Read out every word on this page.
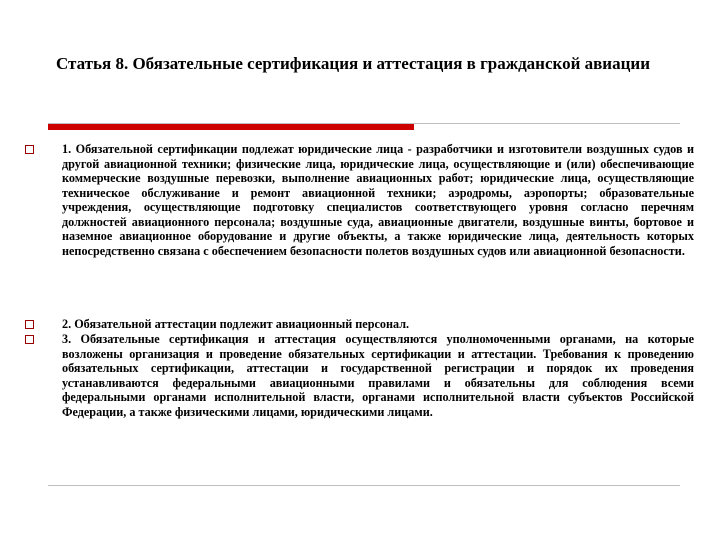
Статья 8. Обязательные сертификация и аттестация в гражданской авиации
1. Обязательной сертификации подлежат юридические лица - разработчики и изготовители воздушных судов и другой авиационной техники; физические лица, юридические лица, осуществляющие и (или) обеспечивающие коммерческие воздушные перевозки, выполнение авиационных работ; юридические лица, осуществляющие техническое обслуживание и ремонт авиационной техники; аэродромы, аэропорты; образовательные учреждения, осуществляющие подготовку специалистов соответствующего уровня согласно перечням должностей авиационного персонала; воздушные суда, авиационные двигатели, воздушные винты, бортовое и наземное авиационное оборудование и другие объекты, а также юридические лица, деятельность которых непосредственно связана с обеспечением безопасности полетов воздушных судов или авиационной безопасности.
2. Обязательной аттестации подлежит авиационный персонал.
3. Обязательные сертификация и аттестация осуществляются уполномоченными органами, на которые возложены организация и проведение обязательных сертификации и аттестации. Требования к проведению обязательных сертификации, аттестации и государственной регистрации и порядок их проведения устанавливаются федеральными авиационными правилами и обязательны для соблюдения всеми федеральными органами исполнительной власти, органами исполнительной власти субъектов Российской Федерации, а также физическими лицами, юридическими лицами.
